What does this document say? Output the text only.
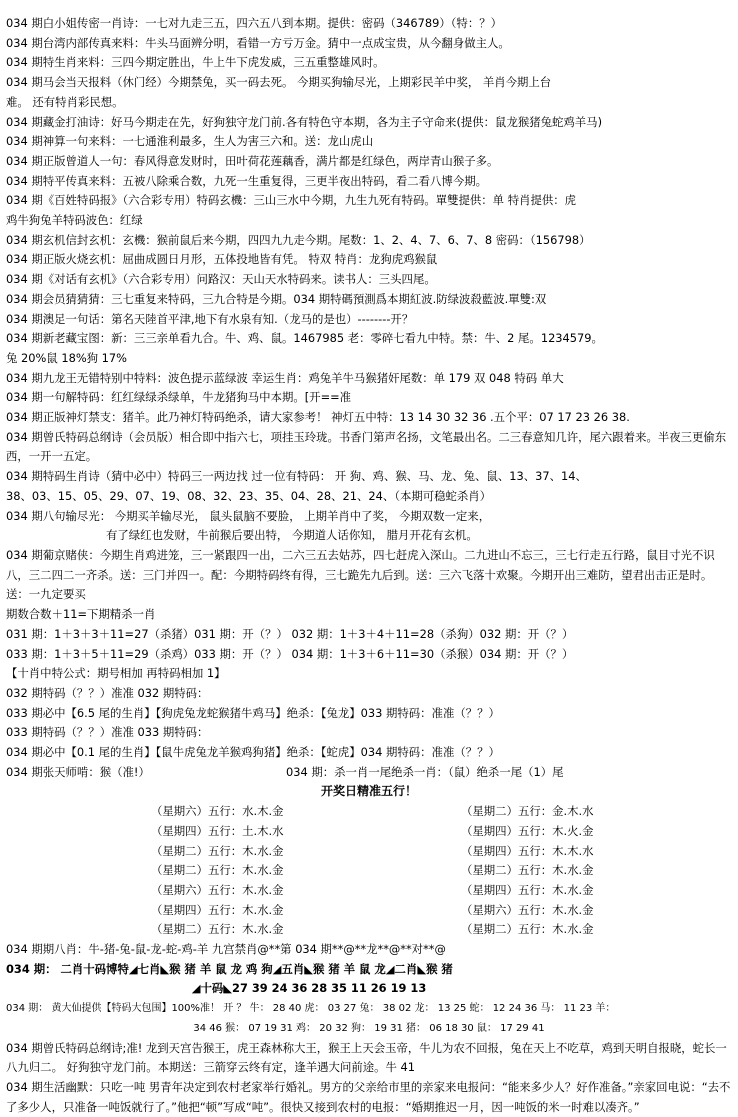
034 期白小姐传密一肖诗：一七对九走三五，四六五八到本期。提供：密码（346789）（特：？）
034 期台湾内部传真来料：牛头马面辨分明，看错一方亏万金。猜中一点成宝贵，从今翻身做主人。
034 期特生肖来料：三四今期定胜出，牛上牛下虎发威，三五重整雄风时。
034 期马会当天报料（休门经）今期禁兔，买一码去死。 今期买狗输尽光，上期彩民羊中奖， 羊肖今期上台
难。 还有特肖彩民想。
034 期藏金打油诗：好马今期走在先，好狗独守龙门前.各有特色守本期，各为主子守命来(提供：鼠龙猴猪兔蛇鸡羊马)
034 期神算一句来料：一七通淮利最多，生人为害三六和。送：龙山虎山
034 期正版曾道人一句：春风得意发财时，田叶荷花莲藕香，满片都是红绿色，两岸青山猴子多。
034 期特平传真来料：五被八除乘合数，九死一生重复得，三更半夜出特码，看二看八博今期。
034 期《百姓特码报》（六合彩专用）特码玄機：三山三水中今期，九生九死有特码。單雙提供：单 特肖提供：虎
鸡牛狗兔羊特码波色：红绿
034 期玄机信封玄机：玄機：猴前鼠后来今期，四四九九走今期。尾数：1、2、4、7、6、7、8 密码：（156798）
034 期正版火烧玄机：屈曲成圆日月形，五体投地皆有凭。 特双 特肖：龙狗虎鸡猴鼠
034 期《对话有玄机》（六合彩专用）问路汉：天山天水特码来。读书人：三头四尾。
034 期会员猜猜猜：三七重复来特码，三九合特是今期。034 期特碼預測爲本期紅波.防绿波殺藍波.單雙:双
034 期澳足一句话：第名天陸首平津,地下有水泉有知.（龙马的是也）--------开？
034 期新老藏宝图：新：三三亲单看九合。牛、鸡、鼠。1467985 老：零碎七看九中特。禁：牛、2 尾。1234579。
兔 20%鼠 18%狗 17%
034 期九龙王无错特别中特料：波色提示蓝绿波 幸运生肖：鸡兔羊牛马猴猪奸尾数：单 179 双 048 特码 单大
034 期一句解特码：红红绿绿杀绿单，牛龙猪狗马中本期。[开==准
034 期正版神灯禁支：猪羊。此乃神灯特码绝杀，请大家参考！ 神灯五中特：13 14 30 32 36 .五个平：07 17 23 26 38.
034 期曾氏特码总纲诗（会员版）相合即中指六七，项挂玉玲珑。书香门第声名扬，文笔最出名。二三春意知几许，尾六跟着来。半夜三更偷东西，一开一五定。
034 期特码生肖诗（猜中必中）特码三一两边找 过一位有特码： 开 狗、鸡、猴、马、龙、兔、鼠、13、37、14、
38、03、15、05、29、07、19、08、32、23、35、04、28、21、24、（本期可稳蛇杀肖）
034 期八句输尽光： 今期买羊输尽光， 鼠头鼠脑不要脸， 上期羊肖中了奖， 今期双数一定来，
有了绿红也发财，牛前猴后要出特， 今期道人话你知， 腊月开花有玄机。
034 期葡京赌侠：今期生肖鸡进笼，三一紧跟四一出，二六三五去姑苏，四七赶虎入深山。二九进山不忘三，三七行走五行路，鼠目寸光不识八，三二四二一齐杀。送：三门并四一。配：今期特码终有得，三七跪先九后到。送：三六飞落十欢聚。今期开出三难防，望君出击正是时。送：一九定要买
期数合数＋11=下期精杀一肖
031 期：1＋3＋3＋11=27（杀猪）031 期：开（？） 032 期：1＋3＋4＋11=28（杀狗）032 期：开（？）
033 期：1＋3＋5＋11=29（杀鸡）033 期：开（？） 034 期：1＋3＋6＋11=30（杀猴）034 期：开（？）
【十肖中特公式：期号相加 再特码相加 1】
032 期特码（？？）准准 032 期特码：
033 期必中【6.5 尾的生肖】【狗虎兔龙蛇猴猪牛鸡马】绝杀：【兔龙】033 期特码：准准（？？）
033 期特码（？？）准准 033 期特码：
034 期必中【0.1 尾的生肖】【鼠牛虎兔龙羊猴鸡狗猪】绝杀：【蛇虎】034 期特码：准准（？？）
034 期张天师啃：猴（准!）	034 期：杀一肖一尾绝杀一肖：（鼠）绝杀一尾（1）尾
开奖日精准五行！
（星期六）五行：水.木.金	（星期二）五行：金.木.水
（星期四）五行：土.木.水	（星期四）五行：木.火.金
（星期二）五行：木.水.金	（星期四）五行：木.木.水
（星期二）五行：木.水.金	（星期二）五行：木.水.金
（星期六）五行：木.水.金	（星期四）五行：木.水.金
（星期四）五行：木.水.金	（星期六）五行：木.水.金
（星期二）五行：木.水.金	（星期二）五行：木.水.金
034 期期八肖：牛-猪-兔-鼠-龙-蛇-鸡-羊 九宫禁肖@**第 034 期**@**龙**@**对**@
034 期： 二肖十码博特◢七肖◣猴 猪 羊 鼠 龙 鸡 狗◢五肖◣猴 猪 羊 鼠 龙◢二肖◣猴 猪
◢十码◣27 39 24 36 28 35 11 26 19 13
034 期： 黄大仙提供【特码大包围】100%准！ 开 ？ 牛： 28 40 虎： 03 27 兔： 38 02 龙： 13 25 蛇： 12 24 36 马： 11 23 羊：
34 46 猴： 07 19 31 鸡： 20 32 狗： 19 31 猪： 06 18 30 鼠： 17 29 41
034 期曾氏特码总纲诗;准! 龙到天宫告猴王，虎王森林称大王，猴王上天会玉帝，牛儿为农不回报，兔在天上不吃草，鸡到天明自报晓，蛇长一八九归二。 好狗独守龙门前。本期送：三箭穿云终有定，逢羊遇大问前途。牛 41
034 期生活幽默：只吃一吨 男青年决定到农村老家举行婚礼。男方的父亲给市里的亲家来电报问：“能来多少人？好作准备。”亲家回电说：“去不了多少人，只准备一吨饭就行了。”他把“顿”写成“吨”。很快又接到农村的电报：“婚期推迟一月，因一吨饭的米一时难以凑齐。”
